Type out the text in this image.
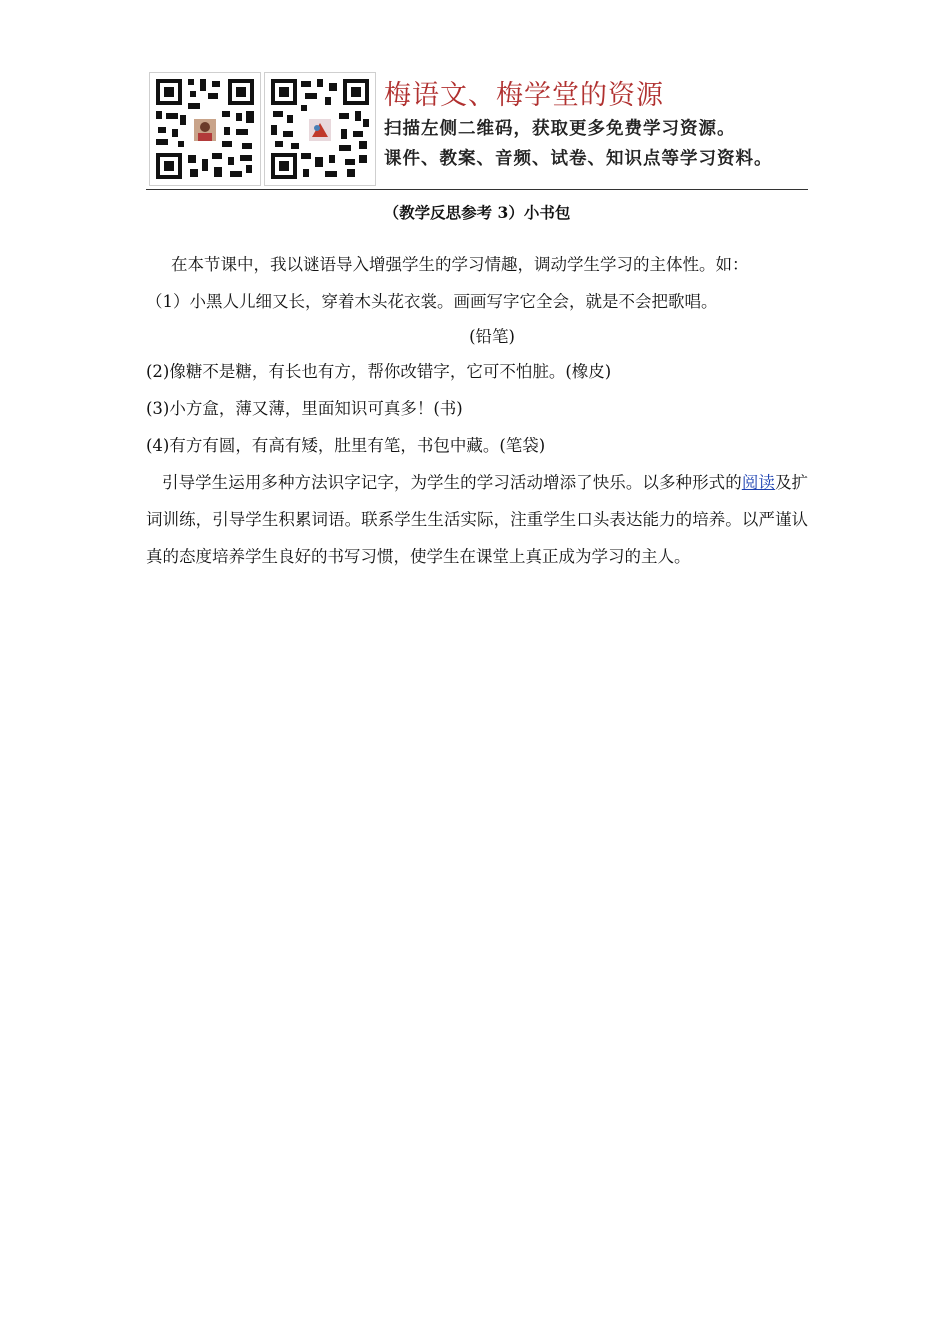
梅语文、梅学堂的资源
扫描左侧二维码，获取更多免费学习资源。
课件、教案、音频、试卷、知识点等学习资料。
（教学反思参考 3）小书包

在本节课中，我以谜语导入增强学生的学习情趣，调动学生学习的主体性。如：

（1）小黑人儿细又长，穿着木头花衣裳。画画写字它全会，就是不会把歌唱。

(铅笔)

(2)像糖不是糖，有长也有方，帮你改错字，它可不怕脏。(橡皮)

(3)小方盒，薄又薄，里面知识可真多！(书)

(4)有方有圆，有高有矮，肚里有笔，书包中藏。(笔袋)

引导学生运用多种方法识字记字，为学生的学习活动增添了快乐。以多种形式的阅读及扩词训练，引导学生积累词语。联系学生生活实际，注重学生口头表达能力的培养。以严谨认真的态度培养学生良好的书写习惯，使学生在课堂上真正成为学习的主人。
